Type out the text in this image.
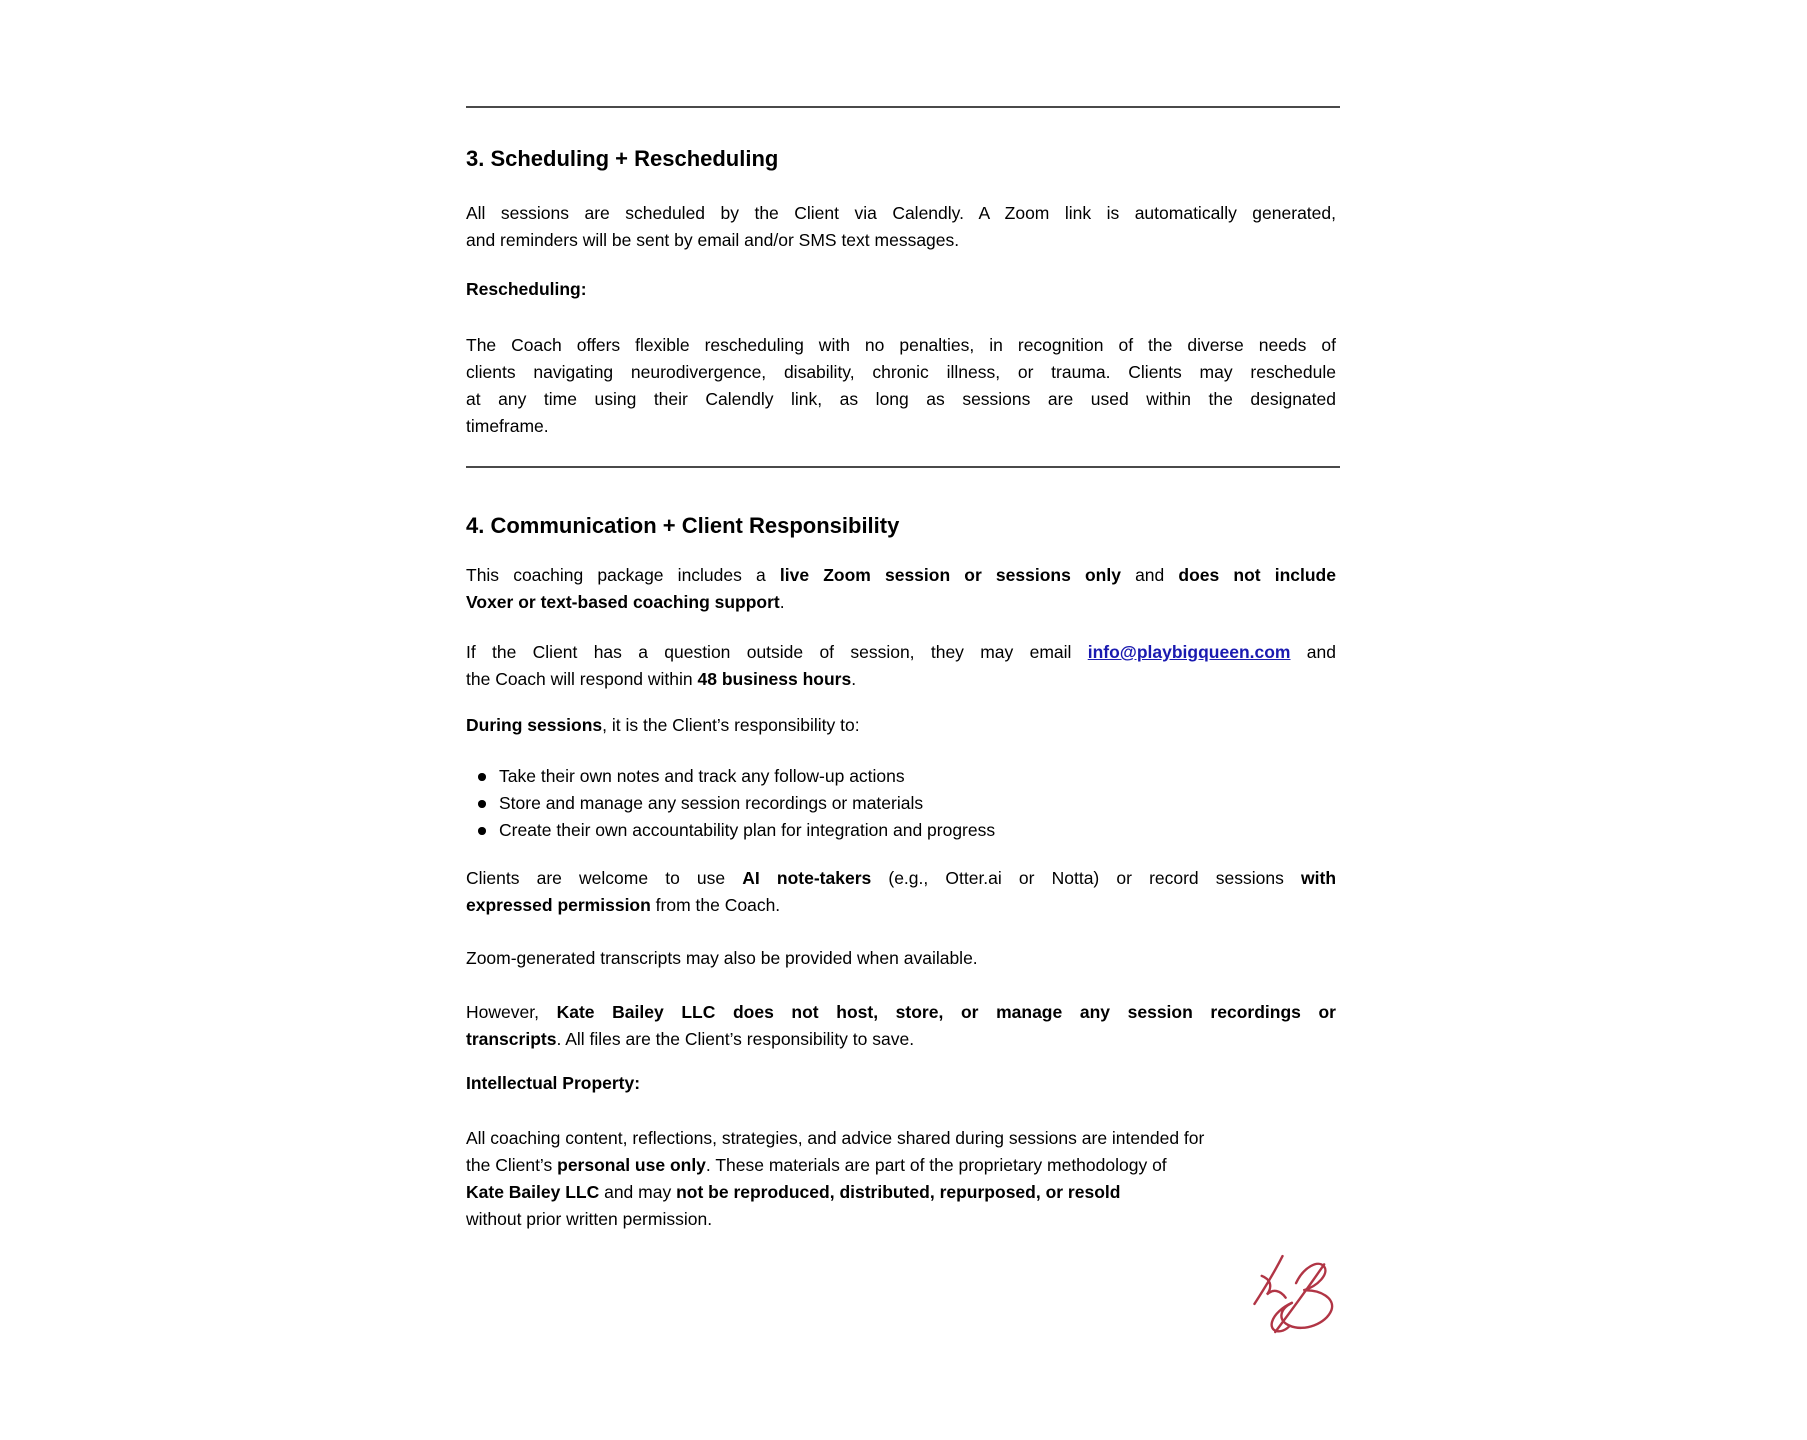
3. Scheduling + Rescheduling
All sessions are scheduled by the Client via Calendly. A Zoom link is automatically generated,
and reminders will be sent by email and/or SMS text messages.
Rescheduling:
The Coach offers flexible rescheduling with no penalties, in recognition of the diverse needs of
clients navigating neurodivergence, disability, chronic illness, or trauma. Clients may reschedule
at any time using their Calendly link, as long as sessions are used within the designated
timeframe.
4. Communication + Client Responsibility
This coaching package includes a live Zoom session or sessions only and does not include
Voxer or text-based coaching support.
If the Client has a question outside of session, they may email info@playbigqueen.com and
the Coach will respond within 48 business hours.
During sessions, it is the Client’s responsibility to:
Take their own notes and track any follow-up actions
Store and manage any session recordings or materials
Create their own accountability plan for integration and progress
Clients are welcome to use AI note-takers (e.g., Otter.ai or Notta) or record sessions with
expressed permission from the Coach.
Zoom-generated transcripts may also be provided when available.
However, Kate Bailey LLC does not host, store, or manage any session recordings or
transcripts. All files are the Client’s responsibility to save.
Intellectual Property:
All coaching content, reflections, strategies, and advice shared during sessions are intended for
the Client’s personal use only. These materials are part of the proprietary methodology of
Kate Bailey LLC and may not be reproduced, distributed, repurposed, or resold
without prior written permission.
